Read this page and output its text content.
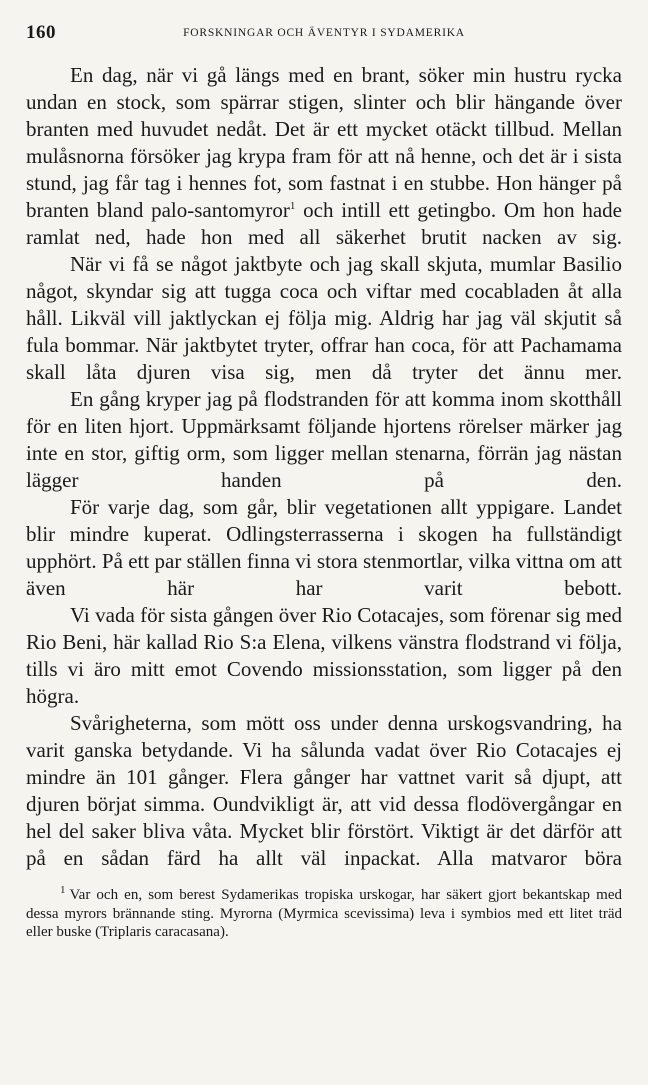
160	FORSKNINGAR OCH ÄVENTYR I SYDAMERIKA

En dag, när vi gå längs med en brant, söker min hustru rycka undan en stock, som spärrar stigen, slinter och blir hängande över branten med huvudet nedåt. Det är ett mycket otäckt tillbud. Mellan mulåsnorna försöker jag krypa fram för att nå henne, och det är i sista stund, jag får tag i hennes fot, som fastnat i en stubbe. Hon hänger på branten bland palo-santomyror$^1$ och intill ett getingbo. Om hon hade ramlat ned, hade hon med all säkerhet brutit nacken av sig.

När vi få se något jaktbyte och jag skall skjuta, mumlar Basilio något, skyndar sig att tugga coca och viftar med cocabladen åt alla håll. Likväl vill jaktlyckan ej följa mig. Aldrig har jag väl skjutit så fula bommar. När jaktbytet tryter, offrar han coca, för att Pachamama skall låta djuren visa sig, men då tryter det ännu mer.

En gång kryper jag på flodstranden för att komma inom skotthåll för en liten hjort. Uppmärksamt följande hjortens rörelser märker jag inte en stor, giftig orm, som ligger mellan stenarna, förrän jag nästan lägger handen på den.

För varje dag, som går, blir vegetationen allt yppigare. Landet blir mindre kuperat. Odlingsterrasserna i skogen ha fullständigt upphört. På ett par ställen finna vi stora stenmortlar, vilka vittna om att även här har varit bebott.

Vi vada för sista gången över Rio Cotacajes, som förenar sig med Rio Beni, här kallad Rio S:a Elena, vilkens vänstra flodstrand vi följa, tills vi äro mitt emot Covendo missionsstation, som ligger på den högra.

Svårigheterna, som mött oss under denna urskogsvandring, ha varit ganska betydande. Vi ha sålunda vadat över Rio Cotacajes ej mindre än 101 gånger. Flera gånger har vattnet varit så djupt, att djuren börjat simma. Oundvikligt är, att vid dessa flodövergångar en hel del saker bliva våta. Mycket blir förstört. Viktigt är det därför att på en sådan färd ha allt väl inpackat. Alla matvaror böra

$^1$ Var och en, som berest Sydamerikas tropiska urskogar, har säkert gjort bekantskap med dessa myrors brännande sting. Myrorna (Myrmica scevissima) leva i symbios med ett litet träd eller buske (Triplaris caracasana).
